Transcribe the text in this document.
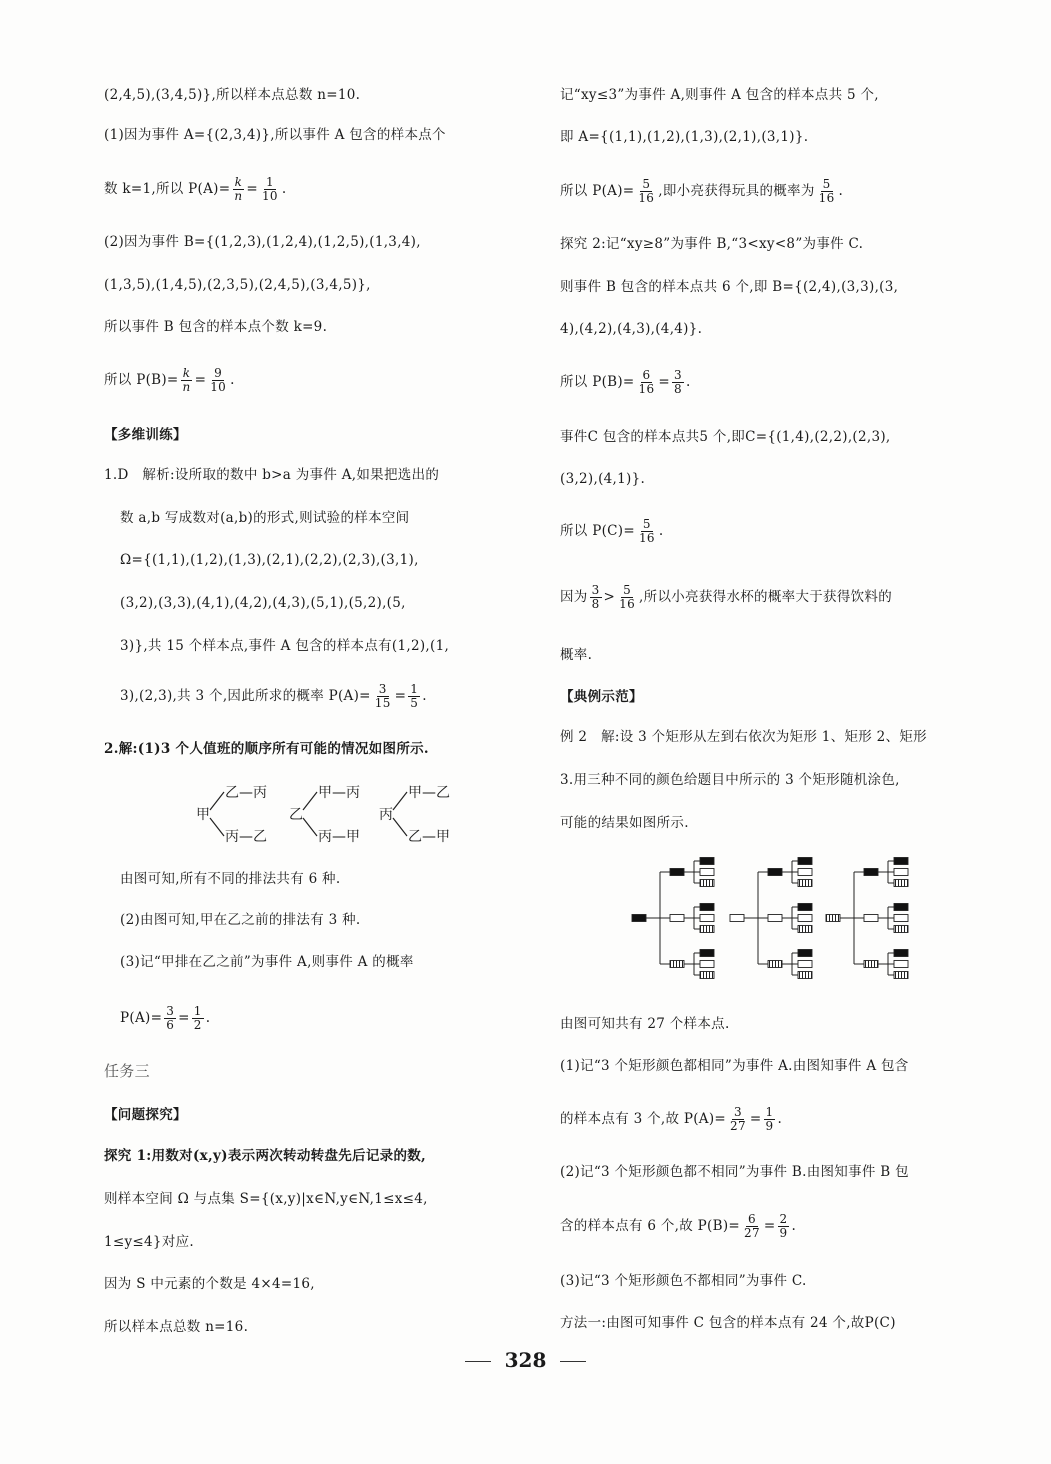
(2,4,5),(3,4,5)},所以样本点总数 n=10.
(1)因为事件 A={(2,3,4)},所以事件 A 包含的样本点个
数 k=1,所以 $P(A)= \frac{k}{n} = \frac{1}{10}$ .
(2)因为事件 B={(1,2,3),(1,2,4),(1,2,5),(1,3,4),
(1,3,5),(1,4,5),(2,3,5),(2,4,5),(3,4,5)},
所以事件 B 包含的样本点个数 k=9.
所以 $P(B)= \frac{k}{n} = \frac{9}{10}$ .
【多维训练】
1.D　解析:设所取的数中 b>a 为事件 A,如果把选出的
数 a,b 写成数对(a,b)的形式,则试验的样本空间
Ω={(1,1),(1,2),(1,3),(2,1),(2,2),(2,3),(3,1),
(3,2),(3,3),(4,1),(4,2),(4,3),(5,1),(5,2),(5,
3)},共 15 个样本点,事件 A 包含的样本点有(1,2),(1,
3),(2,3),共 3 个,因此所求的概率 $P(A)= \frac{3}{15} = \frac{1}{5}$ .
2.解:(1)3 个人值班的顺序所有可能的情况如图所示.
甲
乙—丙
丙—乙
乙
甲—丙
丙—甲
丙
甲—乙
乙—甲
由图可知,所有不同的排法共有 6 种.
(2)由图可知,甲在乙之前的排法有 3 种.
(3)记“甲排在乙之前”为事件 A,则事件 A 的概率
$P(A)= \frac{3}{6} = \frac{1}{2}$ .
任务三
【问题探究】
探究 1:用数对(x,y)表示两次转动转盘先后记录的数,
则样本空间 Ω 与点集 S={(x,y)|x∈N,y∈N,1≤x≤4,
1≤y≤4}对应.
因为 S 中元素的个数是 4×4=16,
所以样本点总数 n=16.
记“xy≤3”为事件 A,则事件 A 包含的样本点共 5 个,
即 A={(1,1),(1,2),(1,3),(2,1),(3,1)}.
所以 $P(A)= \frac{5}{16}$ ,即小亮获得玩具的概率为 $\frac{5}{16}$ .
探究 2:记“xy≥8”为事件 B,“3<xy<8”为事件 C.
则事件 B 包含的样本点共 6 个,即 B={(2,4),(3,3),(3,
4),(4,2),(4,3),(4,4)}.
所以 $P(B)= \frac{6}{16} = \frac{3}{8}$ .
事件C 包含的样本点共5 个,即C={(1,4),(2,2),(2,3),
(3,2),(4,1)}.
所以 $P(C)= \frac{5}{16}$ .
因为 $\frac{3}{8} > \frac{5}{16}$ ,所以小亮获得水杯的概率大于获得饮料的
概率.
【典例示范】
例 2　解:设 3 个矩形从左到右依次为矩形 1、矩形 2、矩形
3.用三种不同的颜色给题目中所示的 3 个矩形随机涂色,
可能的结果如图所示.
由图可知共有 27 个样本点.
(1)记“3 个矩形颜色都相同”为事件 A.由图知事件 A 包含
的样本点有 3 个,故 $P(A)= \frac{3}{27} = \frac{1}{9}$ .
(2)记“3 个矩形颜色都不相同”为事件 B.由图知事件 B 包
含的样本点有 6 个,故 $P(B)= \frac{6}{27} = \frac{2}{9}$ .
(3)记“3 个矩形颜色不都相同”为事件 C.
方法一:由图可知事件 C 包含的样本点有 24 个,故P(C)
328
